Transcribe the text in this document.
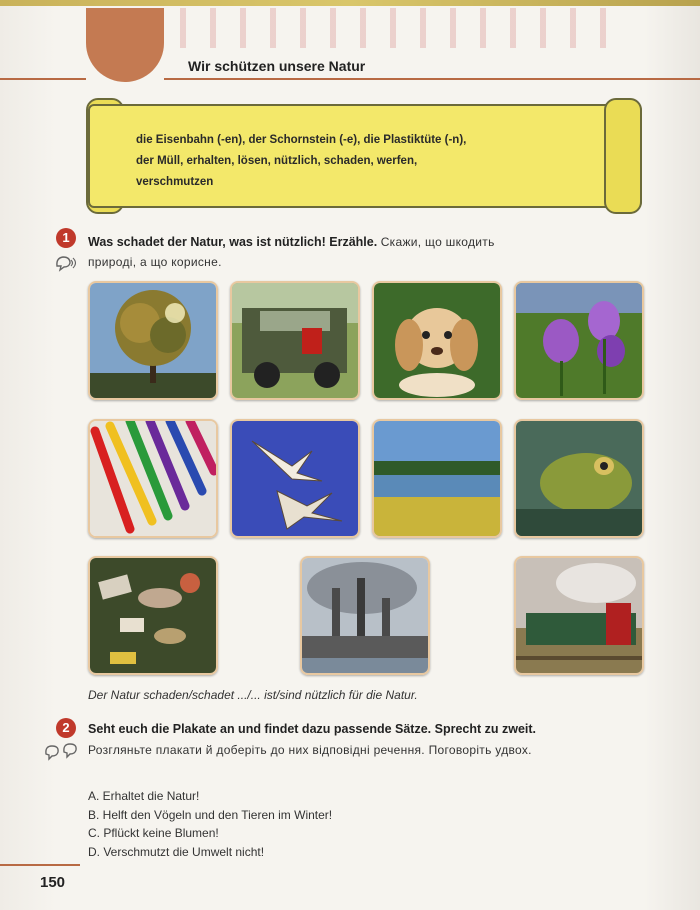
Wir schützen unsere Natur
die Eisenbahn (-en), der Schornstein (-e), die Plastiktüte (-n),
der Müll, erhalten, lösen, nützlich, schaden, werfen,
verschmutzen
1	Was schadet der Natur, was ist nützlich! Erzähle. Скажи, що шкодить
природі, а що корисне.
Der Natur schaden/schadet .../... ist/sind nützlich für die Natur.
2	Seht euch die Plakate an und findet dazu passende Sätze. Sprecht zu zweit.
Розгляньте плакати й доберіть до них відповідні речення. Поговоріть удвох.
A. Erhaltet die Natur!
B. Helft den Vögeln und den Tieren im Winter!
C. Pflückt keine Blumen!
D. Verschmutzt die Umwelt nicht!
150
